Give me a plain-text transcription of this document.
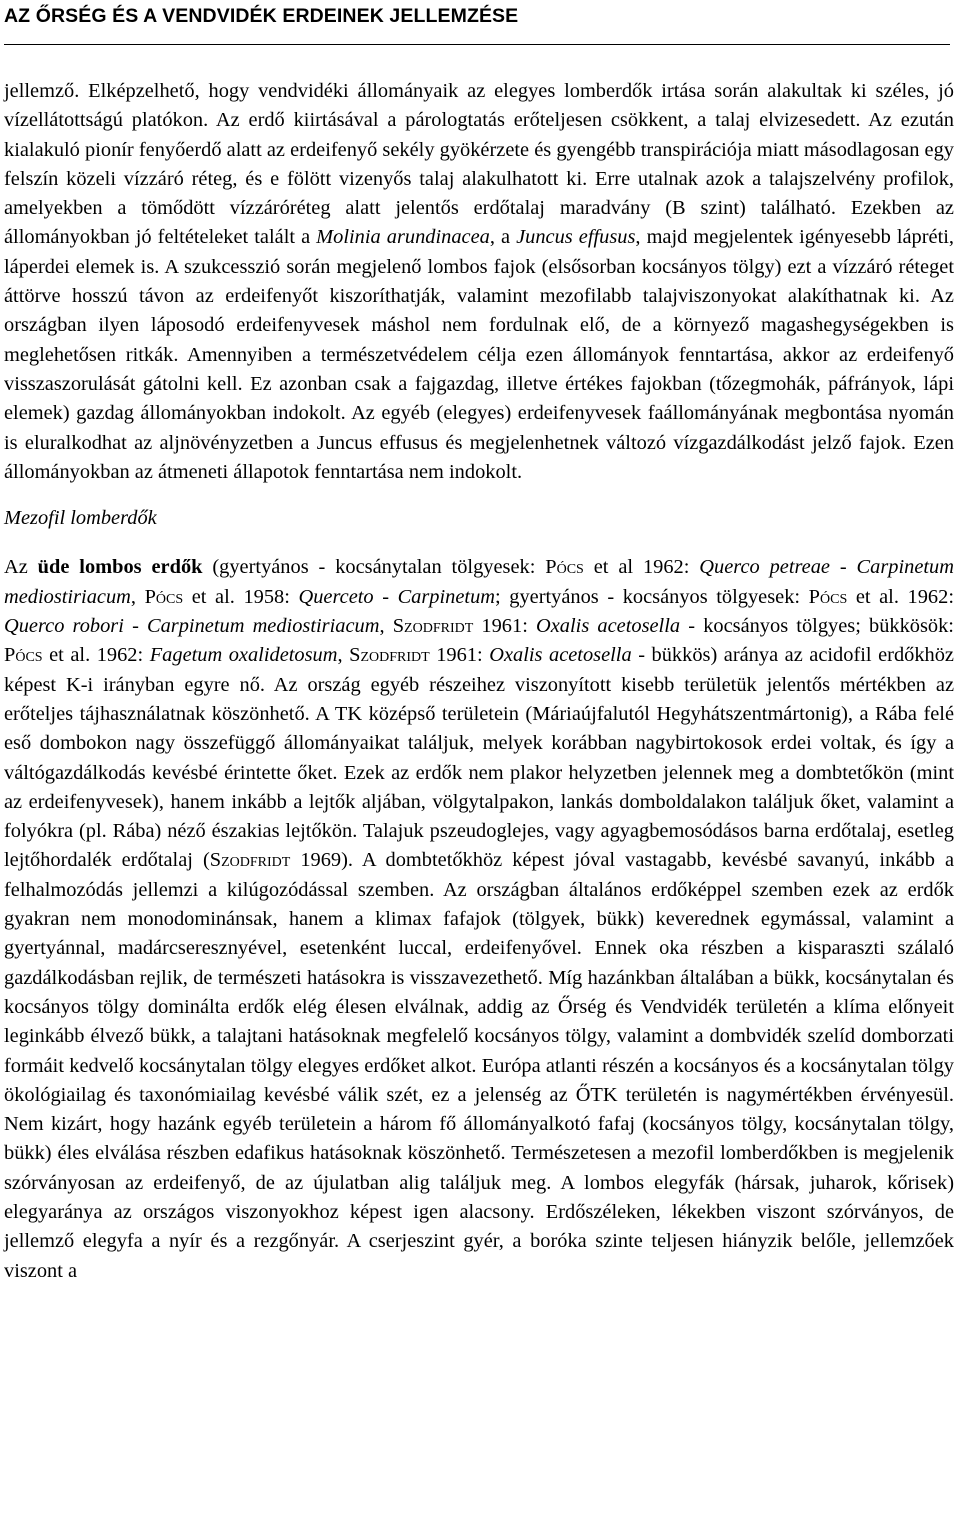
AZ ŐRSÉG ÉS A VENDVIDÉK ERDEINEK JELLEMZÉSE

jellemző. Elképzelhető, hogy vendvidéki állományaik az elegyes lomberdők irtása során alakultak ki széles, jó vízellátottságú platókon. Az erdő kiirtásával a párologtatás erőteljesen csökkent, a talaj elvizesedett. Az ezután kialakuló pionír fenyőerdő alatt az erdeifenyő sekély gyökérzete és gyengébb transpirációja miatt másodlagosan egy felszín közeli vízzáró réteg, és e fölött vizenyős talaj alakulhatott ki. Erre utalnak azok a talajszelvény profilok, amelyekben a tömődött vízzáróréteg alatt jelentős erdőtalaj maradvány (B szint) található. Ezekben az állományokban jó feltételeket talált a Molinia arundinacea, a Juncus effusus, majd megjelentek igényesebb lápréti, láperdei elemek is. A szukcesszió során megjelenő lombos fajok (elsősorban kocsányos tölgy) ezt a vízzáró réteget áttörve hosszú távon az erdeifenyőt kiszoríthatják, valamint mezofilabb talajviszonyokat alakíthatnak ki. Az országban ilyen láposodó erdeifenyvesek máshol nem fordulnak elő, de a környező magashegységekben is meglehetősen ritkák. Amennyiben a természetvédelem célja ezen állományok fenntartása, akkor az erdeifenyő visszaszorulását gátolni kell. Ez azonban csak a fajgazdag, illetve értékes fajokban (tőzegmohák, páfrányok, lápi elemek) gazdag állományokban indokolt. Az egyéb (elegyes) erdeifenyvesek faállományának megbontása nyomán is eluralkodhat az aljnövényzetben a Juncus effusus és megjelenhetnek változó vízgazdálkodást jelző fajok. Ezen állományokban az átmeneti állapotok fenntartása nem indokolt.

Mezofil lomberdők

Az üde lombos erdők (gyertyános - kocsánytalan tölgyesek: Pócs et al 1962: Querco petreae - Carpinetum mediostiriacum, Pócs et al. 1958: Querceto - Carpinetum; gyertyános - kocsányos tölgyesek: Pócs et al. 1962: Querco robori - Carpinetum mediostiriacum, Szodfridt 1961: Oxalis acetosella - kocsányos tölgyes; bükkösök: Pócs et al. 1962: Fagetum oxalidetosum, Szodfridt 1961: Oxalis acetosella - bükkös) aránya az acidofil erdőkhöz képest K-i irányban egyre nő. Az ország egyéb részeihez viszonyított kisebb területük jelentős mértékben az erőteljes tájhasználatnak köszönhető. A TK középső területein (Máriaújfalutól Hegyhátszentmártonig), a Rába felé eső dombokon nagy összefüggő állományaikat találjuk, melyek korábban nagybirtokosok erdei voltak, és így a váltógazdálkodás kevésbé érintette őket. Ezek az erdők nem plakor helyzetben jelennek meg a dombtetőkön (mint az erdeifenyvesek), hanem inkább a lejtők aljában, völgytalpakon, lankás domboldalakon találjuk őket, valamint a folyókra (pl. Rába) néző északias lejtőkön. Talajuk pszeudoglejes, vagy agyagbemosódásos barna erdőtalaj, esetleg lejtőhordalék erdőtalaj (Szodfridt 1969). A dombtetőkhöz képest jóval vastagabb, kevésbé savanyú, inkább a felhalmozódás jellemzi a kilúgozódással szemben. Az országban általános erdőképpel szemben ezek az erdők gyakran nem monodominánsak, hanem a klimax fafajok (tölgyek, bükk) keverednek egymással, valamint a gyertyánnal, madárcseresznyével, esetenként luccal, erdeifenyővel. Ennek oka részben a kisparaszti szálaló gazdálkodásban rejlik, de természeti hatásokra is visszavezethető. Míg hazánkban általában a bükk, kocsánytalan és kocsányos tölgy dominálta erdők elég élesen elválnak, addig az Őrség és Vendvidék területén a klíma előnyeit leginkább élvező bükk, a talajtani hatásoknak megfelelő kocsányos tölgy, valamint a dombvidék szelíd domborzati formáit kedvelő kocsánytalan tölgy elegyes erdőket alkot. Európa atlanti részén a kocsányos és a kocsánytalan tölgy ökológiailag és taxonómiailag kevésbé válik szét, ez a jelenség az ŐTK területén is nagymértékben érvényesül. Nem kizárt, hogy hazánk egyéb területein a három fő állományalkotó fafaj (kocsányos tölgy, kocsánytalan tölgy, bükk) éles elválása részben edafikus hatásoknak köszönhető. Természetesen a mezofil lomberdőkben is megjelenik szórványosan az erdeifenyő, de az újulatban alig találjuk meg. A lombos elegyfák (hársak, juharok, kőrisek) elegyaránya az országos viszonyokhoz képest igen alacsony. Erdőszéleken, lékekben viszont szórványos, de jellemző elegyfa a nyír és a rezgőnyár. A cserjeszint gyér, a boróka szinte teljesen hiányzik belőle, jellemzőek viszont a
